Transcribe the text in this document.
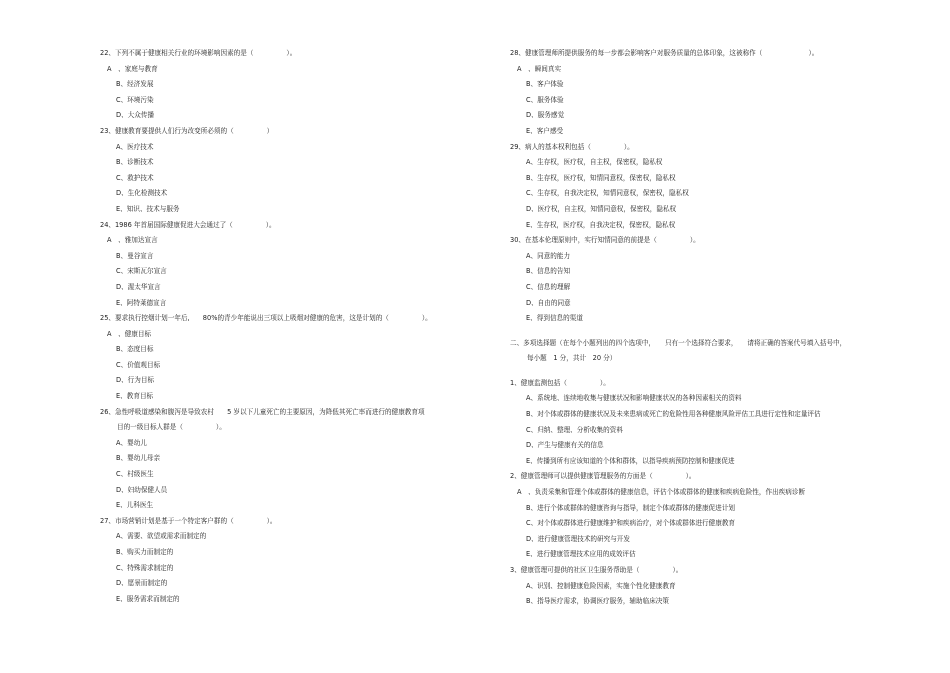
22、下列不属于健康相关行业的环境影响因素的是（　　　　　）。
A　、家庭与教育
B、经济发展
C、环境污染
D、大众传播
23、健康教育要提供人们行为改变所必须的（　　　　　）
A、医疗技术
B、诊断技术
C、救护技术
D、生化检测技术
E、知识、技术与服务
24、1986 年首届国际健康促进大会通过了（　　　　　）。
A　、雅加达宣言
B、曼谷宣言
C、宋斯瓦尔宣言
D、渥太华宣言
E、阿特莱德宣言
25、要求执行控烟计划一年后,　　80%的青少年能说出三项以上吸烟对健康的危害，这是计划的（　　　　　）。
A　、健康目标
B、态度目标
C、价值观目标
D、行为目标
E、教育目标
26、急性呼吸道感染和腹泻是导致农村　　5 岁以下儿童死亡的主要原因，为降低其死亡率而进行的健康教育项
目的一级目标人群是（　　　　　）。
A、婴幼儿
B、婴幼儿母亲
C、村级医生
D、妇幼保健人员
E、儿科医生
27、市场营销计划是基于一个特定客户群的（　　　　　）。
A、需要、欲望或需求而制定的
B、购买力而制定的
C、特殊需求制定的
D、愿景而制定的
E、服务需求而制定的
28、健康管理师所提供服务的每一步都会影响客户对服务质量的总体印象，这被称作（　　　　　　　）。
A　、瞬间真实
B、客户体验
C、服务体验
D、服务感觉
E、客户感受
29、病人的基本权利包括（　　　　　）。
A、生存权，医疗权，自主权，保密权，隐私权
B、生存权，医疗权，知情同意权，保密权，隐私权
C、生存权，自我决定权，知情同意权，保密权，隐私权
D、医疗权，自主权，知情同意权，保密权，隐私权
E、生存权，医疗权，自我决定权，保密权，隐私权
30、在基本伦理原则中，实行知情同意的前提是（　　　　　）。
A、同意的能力
B、信息的告知
C、信息的理解
D、自由的同意
E、得到信息的渠道
二、多项选择题（在每个小题列出的四个选项中，　　只有一个选择符合要求，　　请将正确的答案代号填入括号中，
每小题　1 分，共计　20 分）
1、健康监测包括（　　　　　）。
A、系统地、连续地收集与健康状况和影响健康状况的各种因素相关的资料
B、对个体或群体的健康状况及未来患病或死亡的危险性用各种健康风险评估工具进行定性和定量评估
C、归纳、整理、分析收集的资料
D、产生与健康有关的信息
E、传播到所有应该知道的个体和群体，以指导疾病预防控制和健康促进
2、健康管理师可以提供健康管理服务的方面是（　　　　　）。
A　、负责采集和管理个体或群体的健康信息，评估个体或群体的健康和疾病危险性，作出疾病诊断
B、进行个体或群体的健康咨询与指导，制定个体或群体的健康促进计划
C、对个体或群体进行健康维护和疾病治疗，对个体或群体进行健康教育
D、进行健康管理技术的研究与开发
E、进行健康管理技术应用的成效评估
3、健康管理可提供的社区卫生服务帮助是（　　　　　）。
A、识别、控制健康危险因素，实施个性化健康教育
B、指导医疗需求，协调医疗服务，辅助临床决策
